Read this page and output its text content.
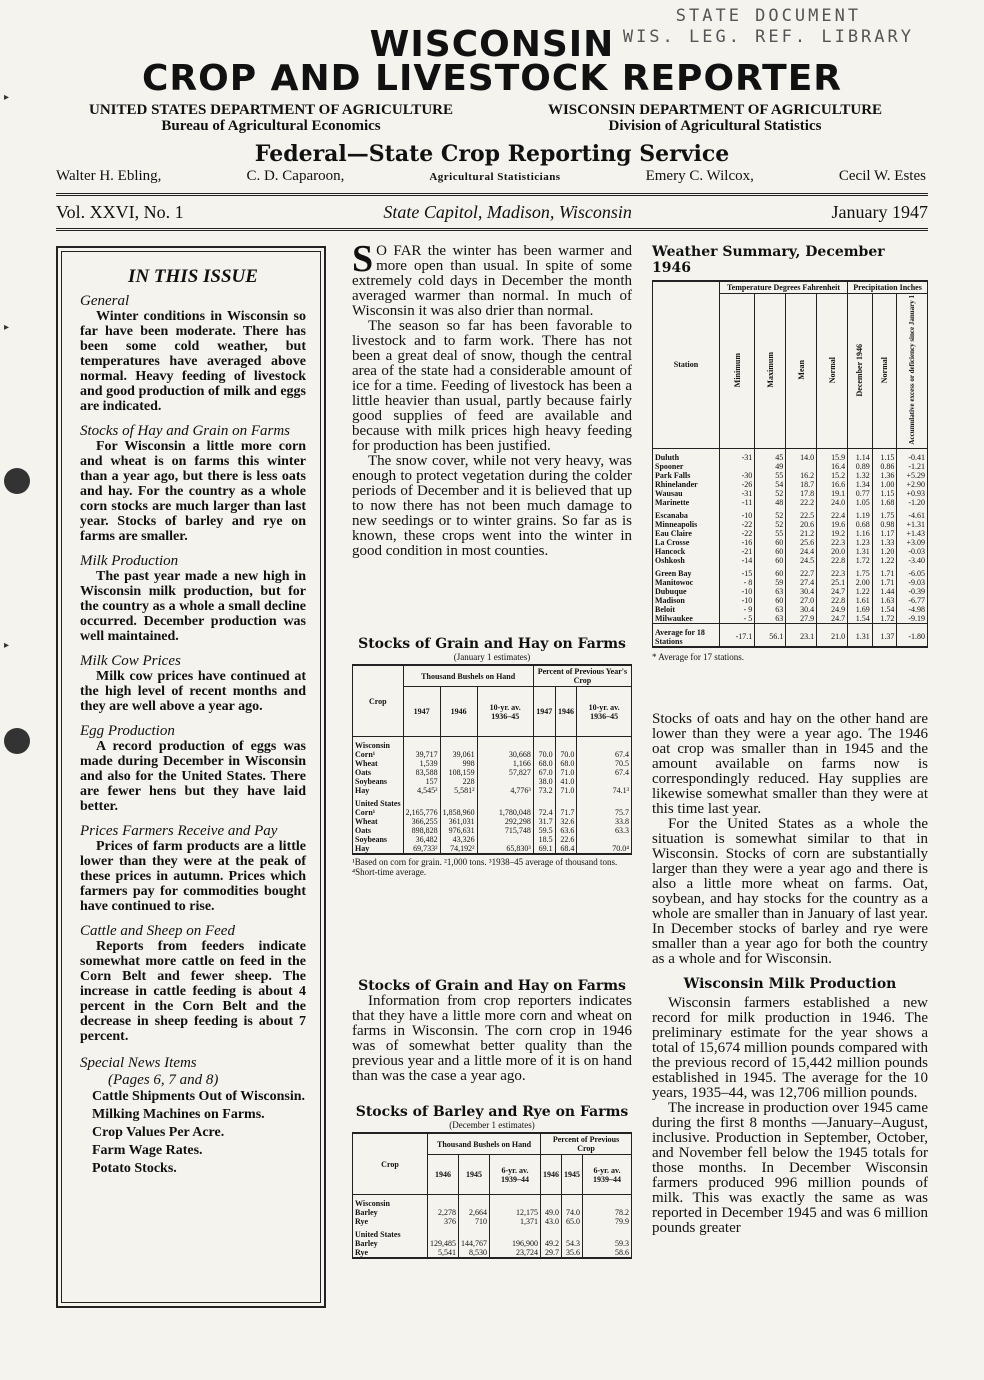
STATE DOCUMENT
WIS. LEG. REF. LIBRARY
WISCONSIN
CROP AND LIVESTOCK REPORTER
UNITED STATES DEPARTMENT OF AGRICULTURE
Bureau of Agricultural Economics
WISCONSIN DEPARTMENT OF AGRICULTURE
Division of Agricultural Statistics
Federal—State Crop Reporting Service
Walter H. Ebling,	C. D. Caparoon,	Agricultural Statisticians	Emery C. Wilcox,	Cecil W. Estes
Vol. XXVI, No. 1	State Capitol, Madison, Wisconsin	January 1947
IN THIS ISSUE
General
Winter conditions in Wisconsin so far have been moderate. There has been some cold weather, but temperatures have averaged above normal. Heavy feeding of livestock and good production of milk and eggs are indicated.
Stocks of Hay and Grain on Farms
For Wisconsin a little more corn and wheat is on farms this winter than a year ago, but there is less oats and hay. For the country as a whole corn stocks are much larger than last year. Stocks of barley and rye on farms are smaller.
Milk Production
The past year made a new high in Wisconsin milk production, but for the country as a whole a small decline occurred. December production was well maintained.
Milk Cow Prices
Milk cow prices have continued at the high level of recent months and they are well above a year ago.
Egg Production
A record production of eggs was made during December in Wisconsin and also for the United States. There are fewer hens but they have laid better.
Prices Farmers Receive and Pay
Prices of farm products are a little lower than they were at the peak of these prices in autumn. Prices which farmers pay for commodities bought have continued to rise.
Cattle and Sheep on Feed
Reports from feeders indicate somewhat more cattle on feed in the Corn Belt and fewer sheep. The increase in cattle feeding is about 4 percent in the Corn Belt and the decrease in sheep feeding is about 7 percent.
Special News Items
(Pages 6, 7 and 8)
Cattle Shipments Out of Wisconsin.
Milking Machines on Farms.
Crop Values Per Acre.
Farm Wage Rates.
Potato Stocks.

S O FAR the winter has been warmer and more open than usual. In spite of some extremely cold days in December the month averaged warmer than normal. In much of Wisconsin it was also drier than normal.

The season so far has been favorable to livestock and to farm work. There has not been a great deal of snow, though the central area of the state had a considerable amount of ice for a time. Feeding of livestock has been a little heavier than usual, partly because fairly good supplies of feed are available and because with milk prices high heavy feeding for production has been justified.

The snow cover, while not very heavy, was enough to protect vegetation during the colder periods of December and it is believed that up to now there has not been much damage to new seedings or to winter grains. So far as is known, these crops went into the winter in good condition in most counties.

Stocks of Grain and Hay on Farms
(January 1 estimates)
Crop	Thousand Bushels on Hand			Percent of Previous Year's Crop		
	1947	1946	10-yr. av. 1936–45	1947	1946	10-yr. av. 1936–45
Wisconsin						
Corn¹	39,717	39,061	30,668	70.0	70.0	67.4
Wheat	1,539	998	1,166	68.0	68.0	70.5
Oats	83,588	108,159	57,827	67.0	71.0	67.4
Soybeans	157	228		38.0	41.0	
Hay	4,545²	5,581²	4,776³	73.2	71.0	74.1³
United States						
Corn¹	2,165,776	1,858,960	1,780,048	72.4	71.7	75.7
Wheat	366,255	361,031	292,298	31.7	32.6	33.8
Oats	898,828	976,631	715,748	59.5	63.6	63.3
Soybeans	36,482	43,326		18.5	22.6	
Hay	69,733²	74,192²	65,830³	69.1	68.4	70.0⁴
¹Based on corn for grain. ²1,000 tons. ³1938–45 average of thousand tons. ⁴Short-time average.
Stocks of Grain and Hay on Farms

Information from crop reporters indicates that they have a little more corn and wheat on farms in Wisconsin. The corn crop in 1946 was of somewhat better quality than the previous year and a little more of it is on hand than was the case a year ago.

Stocks of Barley and Rye on Farms
(December 1 estimates)
Crop	Thousand Bushels on Hand			Percent of Previous Crop		
	1946	1945	6-yr. av. 1939–44	1946	1945	6-yr. av. 1939–44
Wisconsin						
Barley	2,278	2,664	12,175	49.0	74.0	78.2
Rye	376	710	1,371	43.0	65.0	79.9
United States						
Barley	129,485	144,767	196,900	49.2	54.3	59.3
Rye	5,541	8,530	23,724	29.7	35.6	58.6
Weather Summary, December 1946
Station	Temperature Degrees Fahrenheit				Precipitation Inches		
	Minimum	Maximum	Mean	Normal	December 1946	Normal	Accumulative excess or deficiency since January 1
Duluth	-31	45	14.0	15.9	1.14	1.15	-0.41
Spooner		49		16.4	0.89	0.86	-1.21
Park Falls	-30	55	16.2	15.2	1.32	1.36	+5.29
Rhinelander	-26	54	18.7	16.6	1.34	1.00	+2.90
Wausau	-31	52	17.8	19.1	0.77	1.15	+0.93
Marinette	-11	48	22.2	24.0	1.05	1.68	-1.20
Escanaba	-10	52	22.5	22.4	1.19	1.75	-4.61
Minneapolis	-22	52	20.6	19.6	0.68	0.98	+1.31
Eau Claire	-22	55	21.2	19.2	1.16	1.17	+1.43
La Crosse	-16	60	25.6	22.3	1.23	1.33	+3.09
Hancock	-21	60	24.4	20.0	1.31	1.20	-0.03
Oshkosh	-14	60	24.5	22.8	1.72	1.22	-3.40
Green Bay	-15	60	22.7	22.3	1.75	1.71	-6.05
Manitowoc	- 8	59	27.4	25.1	2.00	1.71	-9.03
Dubuque	-10	63	30.4	24.7	1.22	1.44	-0.39
Madison	-10	60	27.0	22.8	1.61	1.63	-6.77
Beloit	- 9	63	30.4	24.9	1.69	1.54	-4.98
Milwaukee	- 5	63	27.9	24.7	1.54	1.72	-9.19
Average for 18 Stations	-17.1	56.1	23.1	21.0	1.31	1.37	-1.80
* Average for 17 stations.

Stocks of oats and hay on the other hand are lower than they were a year ago. The 1946 oat crop was smaller than in 1945 and the amount available on farms now is correspondingly reduced. Hay supplies are likewise somewhat smaller than they were at this time last year.

For the United States as a whole the situation is somewhat similar to that in Wisconsin. Stocks of corn are substantially larger than they were a year ago and there is also a little more wheat on farms. Oat, soybean, and hay stocks for the country as a whole are smaller than in January of last year. In December stocks of barley and rye were smaller than a year ago for both the country as a whole and for Wisconsin.

Wisconsin Milk Production

Wisconsin farmers established a new record for milk production in 1946. The preliminary estimate for the year shows a total of 15,674 million pounds compared with the previous record of 15,442 million pounds established in 1945. The average for the 10 years, 1935–44, was 12,706 million pounds.

The increase in production over 1945 came during the first 8 months —January–August, inclusive. Production in September, October, and November fell below the 1945 totals for those months. In December Wisconsin farmers produced 996 million pounds of milk. This was exactly the same as was reported in December 1945 and was 6 million pounds greater

▸
▸
▸
